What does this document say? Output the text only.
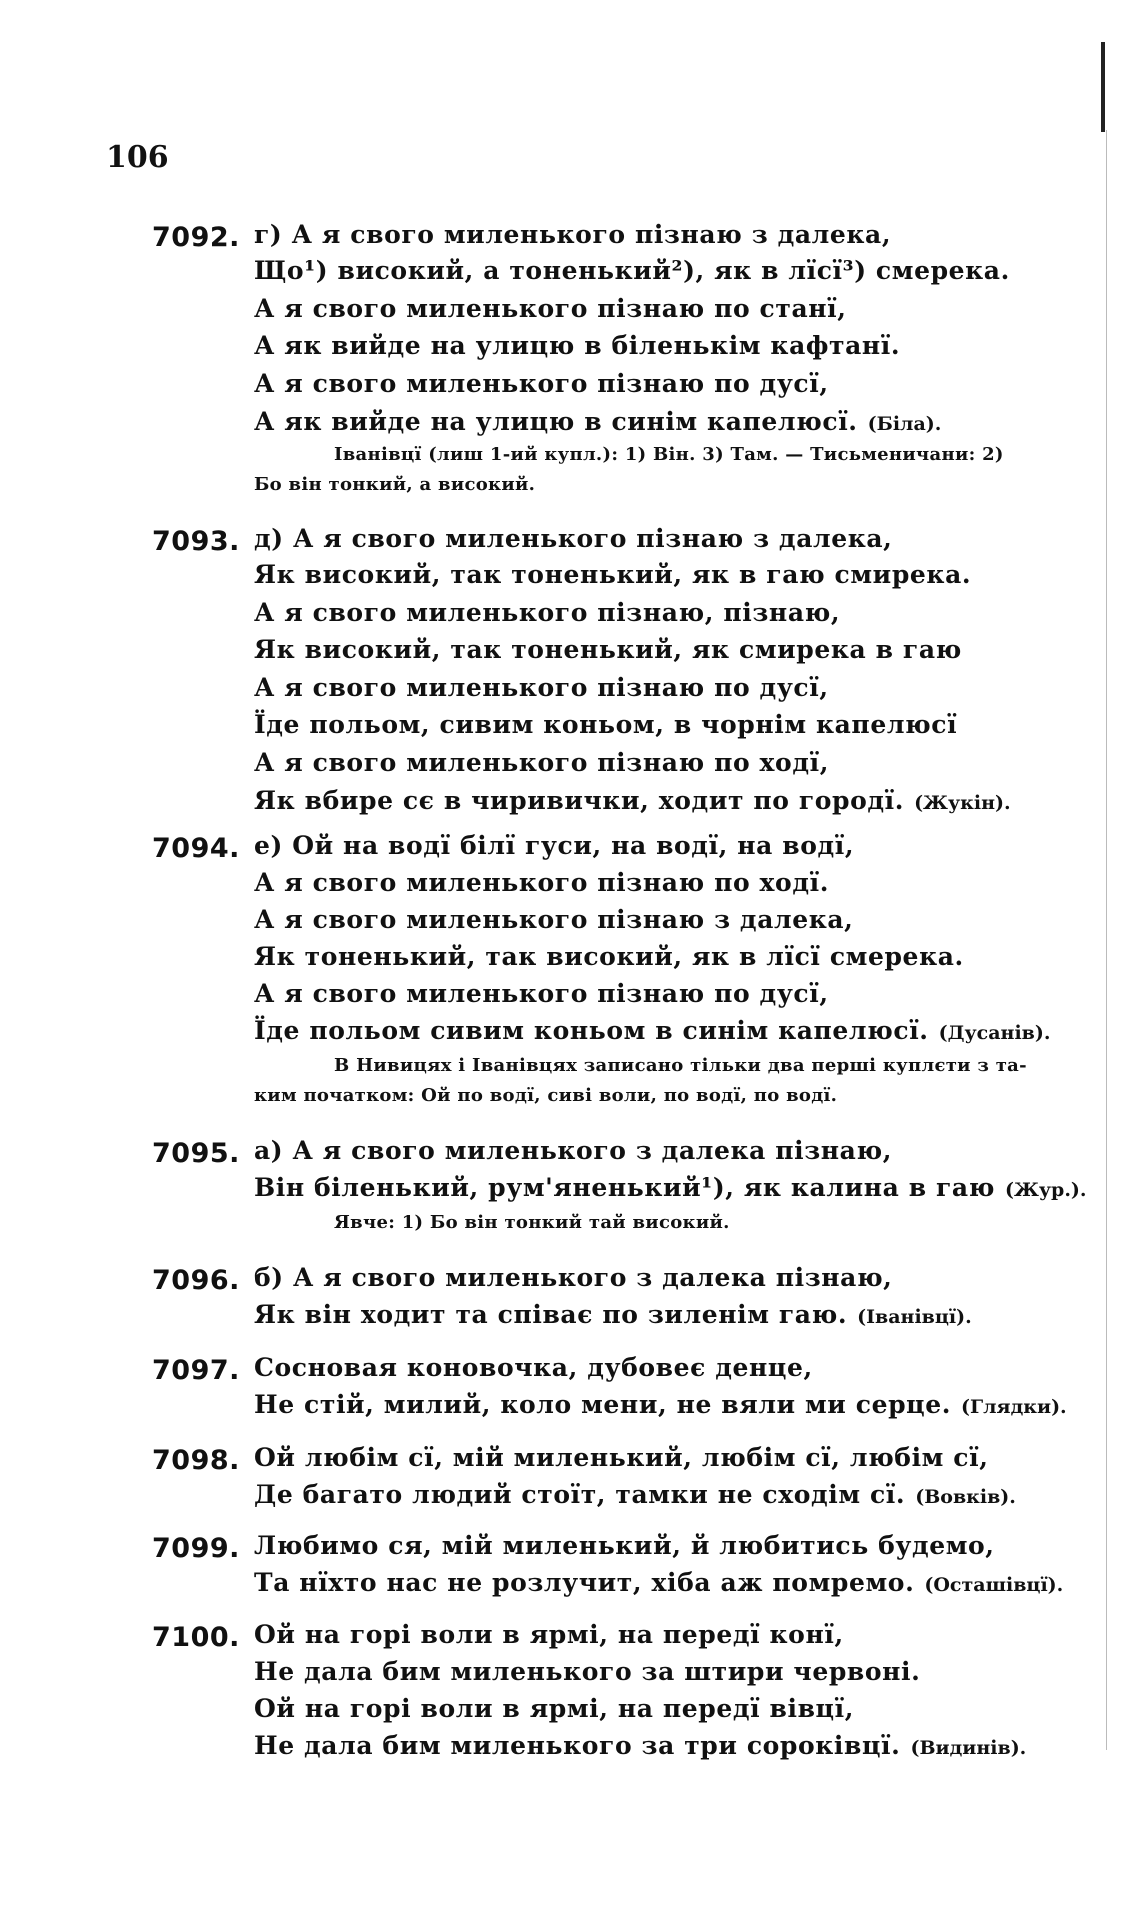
106
7092. г) А я свого миленького пізнаю з далека,
Що¹) високий, а тоненький²), як в лїсї³) смерека.
А я свого миленького пізнаю по станї,
А як вийде на улицю в біленькім кафтанї.
А я свого миленького пізнаю по дусї,
А як вийде на улицю в синім капелюсї. (Біла).
Іванівцї (лиш 1-ий купл.): 1) Він. 3) Там. — Тисьменичани: 2)
Бо він тонкий, а високий.
7093. д) А я свого миленького пізнаю з далека,
Як високий, так тоненький, як в гаю смирека.
А я свого миленького пізнаю, пізнаю,
Як високий, так тоненький, як смирека в гаю
А я свого миленького пізнаю по дусї,
Їде польом, сивим коньом, в чорнім капелюсї
А я свого миленького пізнаю по ходї,
Як вбире сє в чиривички, ходит по городї. (Жукін).
7094. е) Ой на водї білї гуси, на водї, на водї,
А я свого миленького пізнаю по ходї.
А я свого миленького пізнаю з далека,
Як тоненький, так високий, як в лїсї смерека.
А я свого миленького пізнаю по дусї,
Їде польом сивим коньом в синім капелюсї. (Дусанів).
В Нивицях і Іванівцях записано тільки два перші куплєти з та-
ким початком: Ой по водї, сиві воли, по водї, по водї.
7095. а) А я свого миленького з далека пізнаю,
Він біленький, рум'яненький¹), як калина в гаю (Жур.).
Явче: 1) Бо він тонкий тай високий.
7096. б) А я свого миленького з далека пізнаю,
Як він ходит та співає по зиленім гаю. (Іванівцї).
7097. Сосновая коновочка, дубовеє денце,
Не стій, милий, коло мени, не вяли ми серце. (Глядки).
7098. Ой любім сї, мій миленький, любім сї, любім сї,
Де багато людий стоїт, тамки не сходім сї. (Вовків).
7099. Любимо ся, мій миленький, й любитись будемо,
Та нїхто нас не розлучит, хіба аж помремо. (Осташівцї).
7100. Ой на горі воли в ярмі, на передї конї,
Не дала бим миленького за штири червоні.
Ой на горі воли в ярмі, на передї вівцї,
Не дала бим миленького за три сороківцї. (Видинів).
